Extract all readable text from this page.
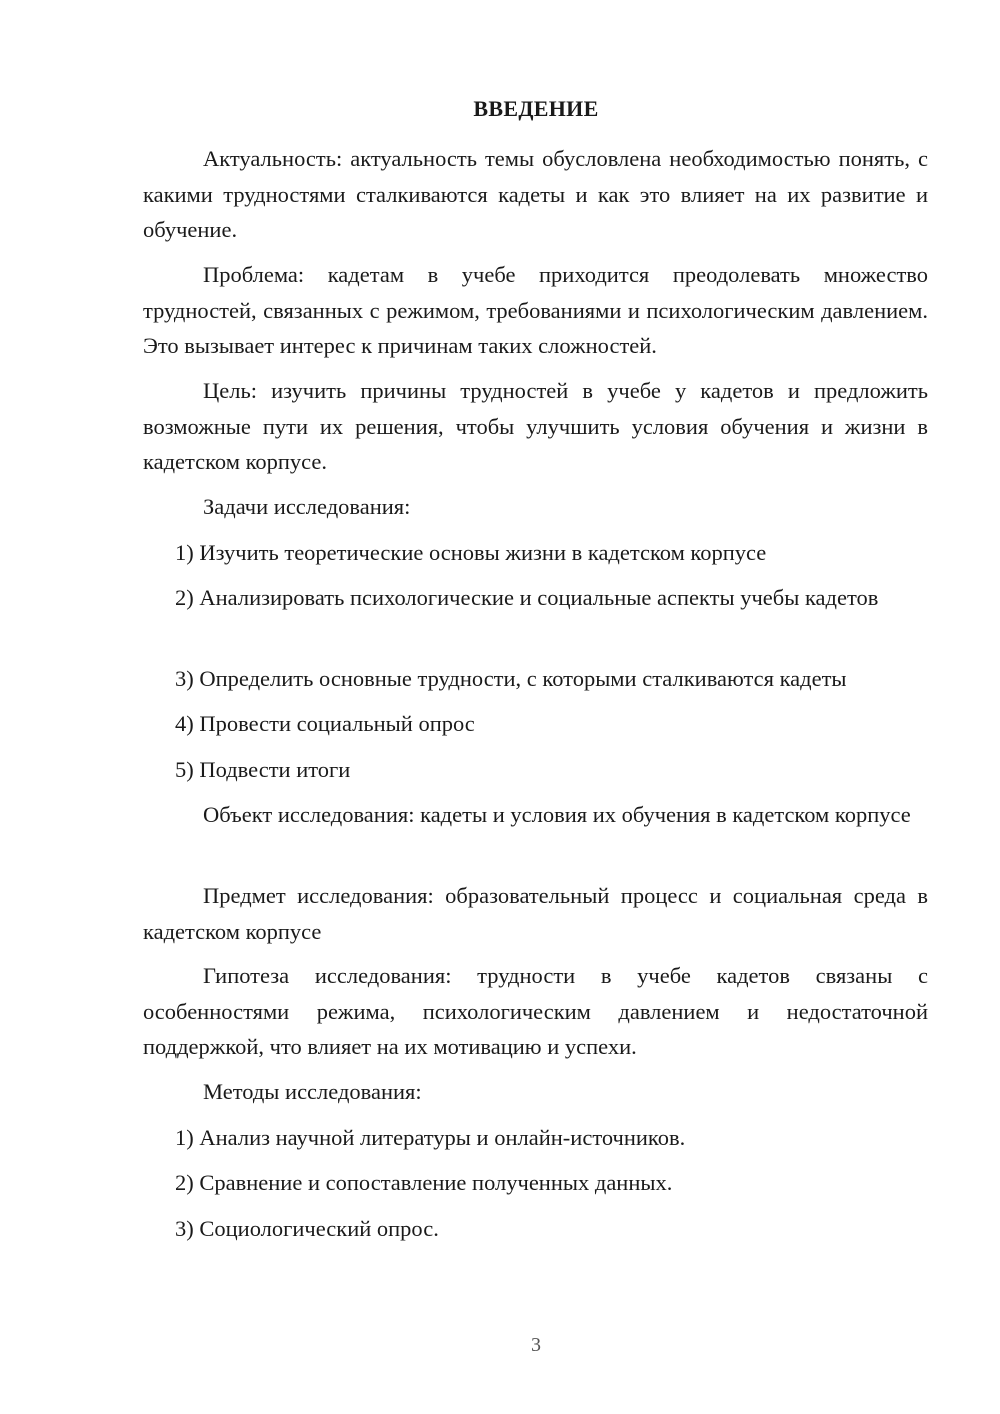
ВВЕДЕНИЕ

Актуальность: актуальность темы обусловлена необходимостью понять, с какими трудностями сталкиваются кадеты и как это влияет на их развитие и обучение.

Проблема: кадетам в учебе приходится преодолевать множество трудностей, связанных с режимом, требованиями и психологическим давлением. Это вызывает интерес к причинам таких сложностей.

Цель: изучить причины трудностей в учебе у кадетов и предложить возможные пути их решения, чтобы улучшить условия обучения и жизни в кадетском корпусе.

Задачи исследования:

1) Изучить теоретические основы жизни в кадетском корпусе

2) Анализировать психологические и социальные аспекты учебы кадетов

3) Определить основные трудности, с которыми сталкиваются кадеты

4) Провести социальный опрос

5) Подвести итоги

Объект исследования: кадеты и условия их обучения в кадетском корпусе

Предмет исследования: образовательный процесс и социальная среда в кадетском корпусе

Гипотеза исследования: трудности в учебе кадетов связаны с особенностями режима, психологическим давлением и недостаточной поддержкой, что влияет на их мотивацию и успехи.

Методы исследования:

1) Анализ научной литературы и онлайн-источников.

2) Сравнение и сопоставление полученных данных.

3) Социологический опрос.

3
